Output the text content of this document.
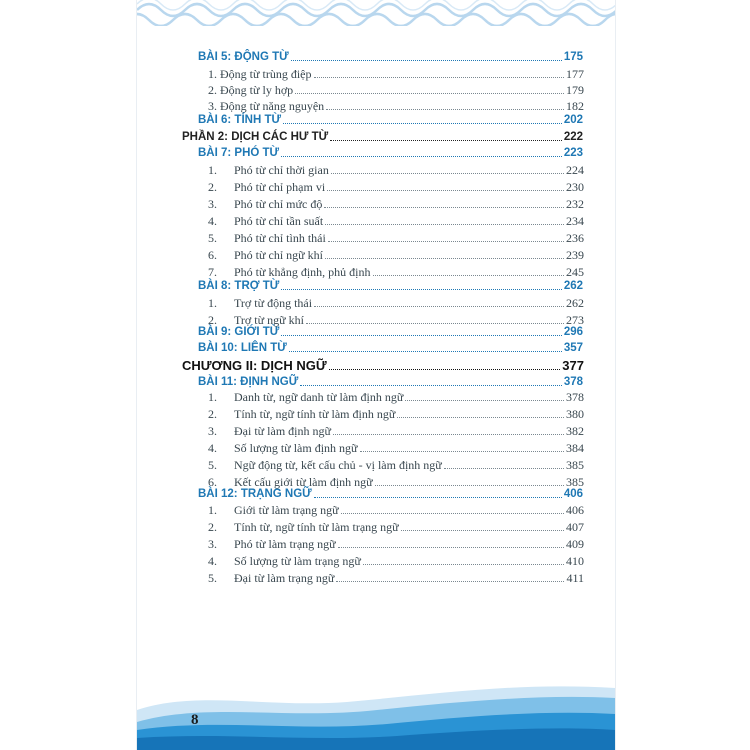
BÀI 5: ĐỘNG TỪ	175
1. Động từ trùng điệp	177
2. Động từ ly hợp	179
3. Động từ năng nguyện	182
BÀI 6: TÍNH TỪ	202
PHẦN 2: DỊCH CÁC HƯ TỪ	222
BÀI 7: PHÓ TỪ	223
1.	Phó từ chỉ thời gian	224
2.	Phó từ chỉ phạm vi	230
3.	Phó từ chỉ mức độ	232
4.	Phó từ chỉ tần suất	234
5.	Phó từ chỉ tình thái	236
6.	Phó từ chỉ ngữ khí	239
7.	Phó từ khẳng định, phủ định	245
BÀI 8: TRỢ TỪ	262
1.	Trợ từ động thái	262
2.	Trợ từ ngữ khí	273
BÀI 9: GIỚI TỪ	296
BÀI 10: LIÊN TỪ	357
CHƯƠNG II: DỊCH NGỮ	377
BÀI 11: ĐỊNH NGỮ	378
1.	Danh từ, ngữ danh từ làm định ngữ	378
2.	Tính từ, ngữ tính từ làm định ngữ	380
3.	Đại từ làm định ngữ	382
4.	Số lượng từ làm định ngữ	384
5.	Ngữ động từ, kết cấu chủ - vị làm định ngữ	385
6.	Kết cấu giới từ làm định ngữ	385
BÀI 12: TRẠNG NGỮ	406
1.	Giới từ làm trạng ngữ	406
2.	Tính từ, ngữ tính từ làm trạng ngữ	407
3.	Phó từ làm trạng ngữ	409
4.	Số lượng từ làm trạng ngữ	410
5.	Đại từ làm trạng ngữ	411
8
